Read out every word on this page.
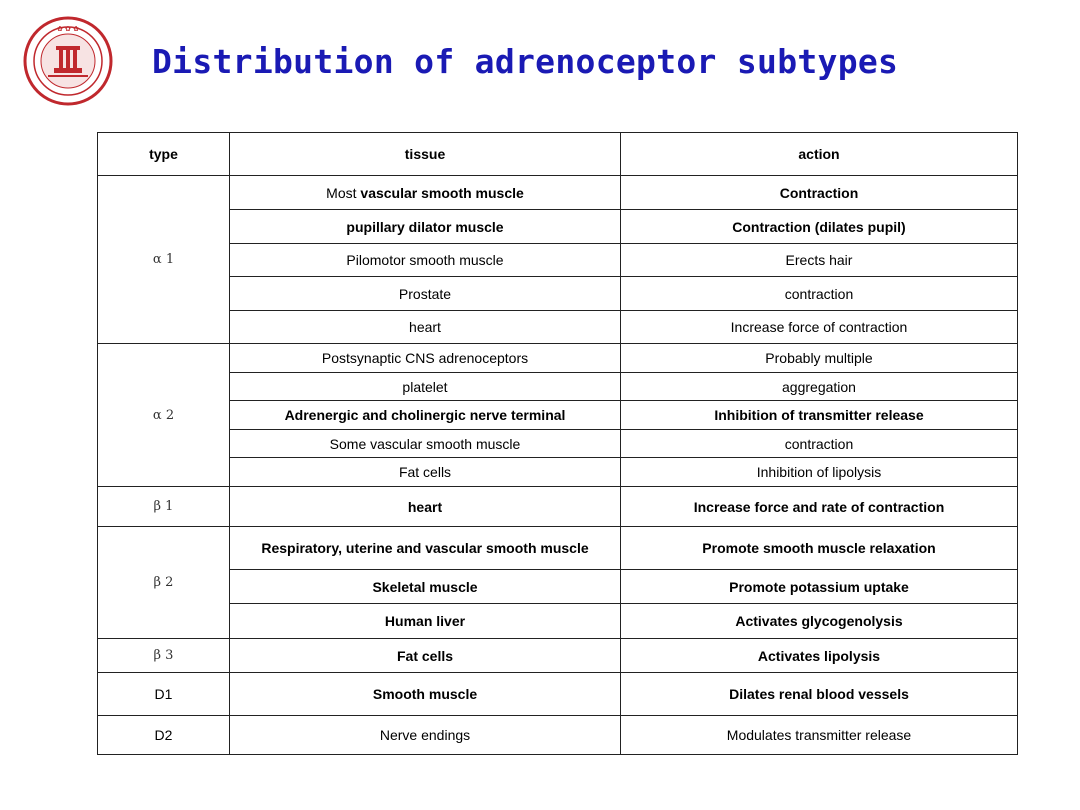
✿ ✿ ✿
Distribution of adrenoceptor subtypes
type	tissue	action
α 1	Most vascular smooth muscle	Contraction
	pupillary dilator muscle	Contraction (dilates pupil)
	Pilomotor smooth muscle	Erects hair
	Prostate	contraction
	heart	Increase force of contraction
α 2	Postsynaptic CNS adrenoceptors	Probably multiple
	platelet	aggregation
	Adrenergic and cholinergic nerve terminal	Inhibition of transmitter release
	Some vascular smooth muscle	contraction
	Fat cells	Inhibition of lipolysis
β 1	heart	Increase force and rate of contraction
β 2	Respiratory, uterine and vascular smooth muscle	Promote smooth muscle relaxation
	Skeletal muscle	Promote potassium uptake
	Human liver	Activates glycogenolysis
β 3	Fat cells	Activates lipolysis
D1	Smooth muscle	Dilates renal blood vessels
D2	Nerve endings	Modulates transmitter release
